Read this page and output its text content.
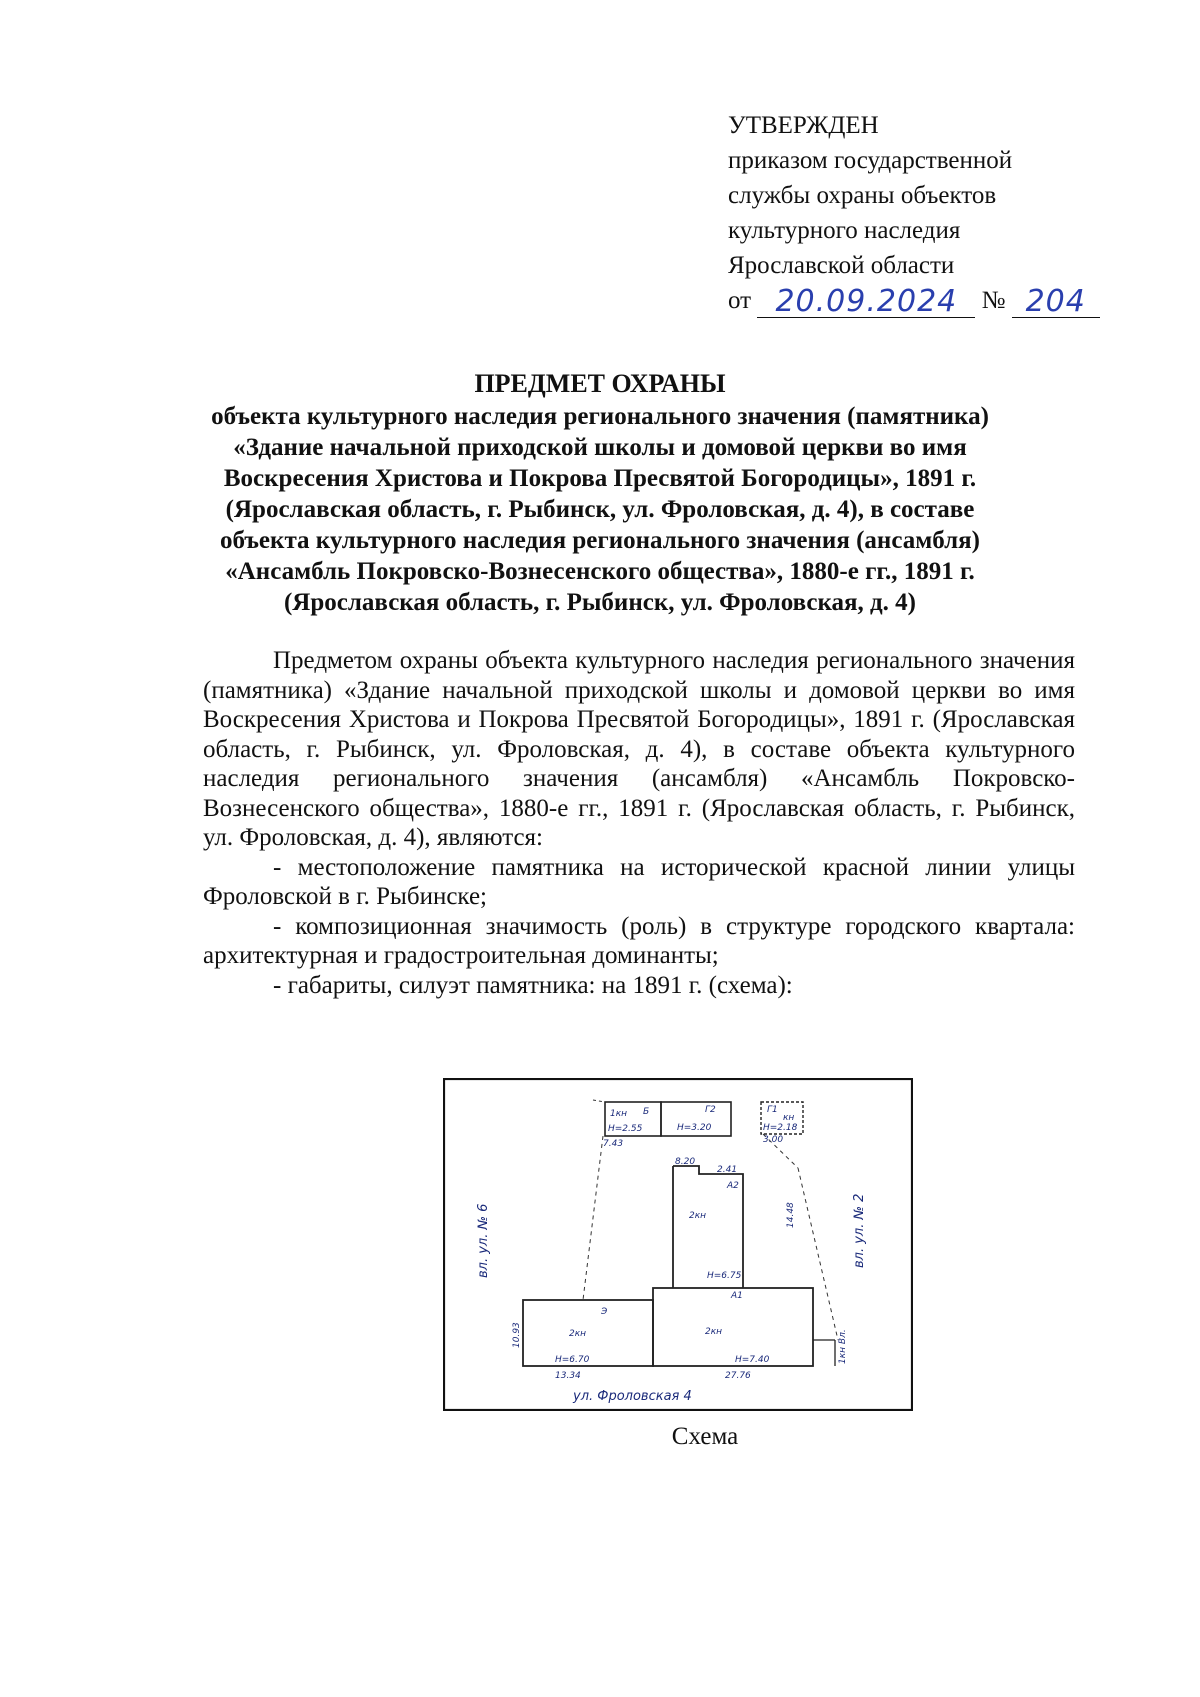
УТВЕРЖДЕН
приказом государственной
службы охраны объектов
культурного наследия
Ярославской области
от 20.09.2024 № 204
ПРЕДМЕТ ОХРАНЫ
объекта культурного наследия регионального значения (памятника)
«Здание начальной приходской школы и домовой церкви во имя
Воскресения Христова и Покрова Пресвятой Богородицы», 1891 г.
(Ярославская область, г. Рыбинск, ул. Фроловская, д. 4), в составе
объекта культурного наследия регионального значения (ансамбля)
«Ансамбль Покровско-Вознесенского общества», 1880-е гг., 1891 г.
(Ярославская область, г. Рыбинск, ул. Фроловская, д. 4)

Предметом охраны объекта культурного наследия регионального значения (памятника) «Здание начальной приходской школы и домовой церкви во имя Воскресения Христова и Покрова Пресвятой Богородицы», 1891 г. (Ярославская область, г. Рыбинск, ул. Фроловская, д. 4), в составе объекта культурного наследия регионального значения (ансамбля) «Ансамбль Покровско-Вознесенского общества», 1880-е гг., 1891 г. (Ярославская область, г. Рыбинск, ул. Фроловская, д. 4), являются:

- местоположение памятника на исторической красной линии улицы Фроловской в г. Рыбинске;

- композиционная значимость (роль) в структуре городского квартала: архитектурная и градостроительная доминанты;

- габариты, силуэт памятника: на 1891 г. (схема):

1кн Б
H=2.55
7.43
Г2
H=3.20
Г1
кн
H=2.18
3.00
8.20
2.41
А2
2кн
H=6.75
14.48
Э
2кн
H=6.70
13.34
10.93
А1
2кн
H=7.40
27.76
1кн Вл.
ул. Фроловская 4
вл. ул. № 6	вл. ул. № 2
Схема
